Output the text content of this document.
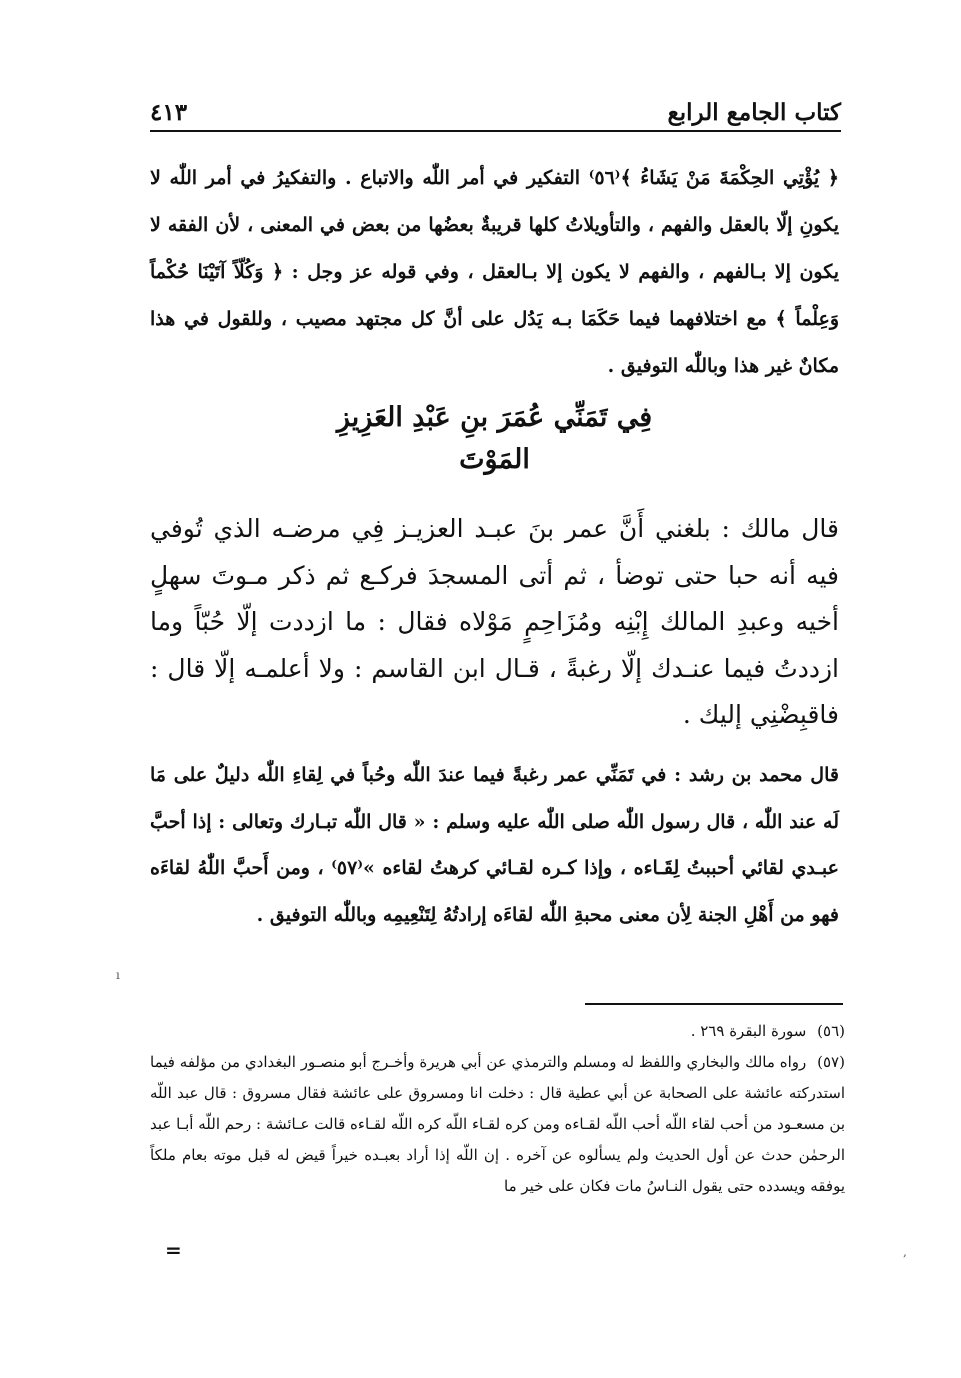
كتاب الجامع الرابع
٤١٣

﴿ يُؤْتِي الحِكْمَةَ مَنْ يَشَاءُ ﴾⁽٥٦⁾ التفكير في أمر اللّٰه والاتباع . والتفكيرُ في أمر اللّٰه لا يكونِ إلّا بالعقل والفهم ، والتأويلاتُ كلها قريبةٌ بعضُها من بعض في المعنى ، لأن الفقه لا يكون إلا بـالفهم ، والفهم لا يكون إلا بـالعقل ، وفي قوله عز وجل : ﴿ وَكُلّاً آتَيْنَا حُكْماً وَعِلْماً ﴾ مع اختلافهما فيما حَكَمَا بـه يَدُل على أنَّ كل مجتهد مصيب ، وللقول في هذا مكانٌ غير هذا وباللّٰه التوفيق .

فِي تَمَنِّي عُمَرَ بنِ عَبْدِ العَزِيزِ
المَوْتَ

قال مالك : بلغني أَنَّ عمر بنَ عبـد العزيـز فِي مرضـه الذي تُوفي فيه أنه حبا حتى توضأ ، ثم أتى المسجدَ فركـع ثم ذكر مـوتَ سهلٍ أخيه وعبدِ المالك إِبْنِه ومُزَاحِمٍ مَوْلاه فقال : ما ازددت إلّا حُبّاً وما ازددتُ فيما عنـدك إلّا رغبةً ، قـال ابن القاسم : ولا أعلمـه إلّا قال : فاقبِضْنِي إليك .

قال محمد بن رشد : في تَمَنِّي عمر رغبةً فيما عندَ اللّٰه وحُباً في لِقاءِ اللّٰه دليلٌ على مَا لَه عند اللّٰه ، قال رسول اللّٰه صلى اللّٰه عليه وسلم : « قال اللّٰه تبـارك وتعالى : إذا أحبَّ عبـدي لقائي أحببتُ لِقَـاءه ، وإذا كـره لقـائي كرهتُ لقاءه »⁽٥٧⁾ ، ومن أَحبَّ اللّٰهُ لقاءَه فهو من أَهْلِ الجنة لِأن معنى محبةِ اللّٰه لقاءَه إرادتُهُ لِتَنْعِيمِه وباللّٰه التوفيق .

(٥٦) سورة البقرة ٢٦٩ .

(٥٧) رواه مالك والبخاري واللفظ له ومسلم والترمذي عن أبي هريرة وأخـرج أبو منصـور البغدادي من مؤلفه فيما استدركته عائشة على الصحابة عن أبي عطية قال : دخلت انا ومسروق على عائشة فقال مسروق : قال عبد اللّه بن مسعـود من أحب لقاء اللّه أحب اللّه لقـاءه ومن كره لقـاء اللّه كره اللّه لقـاءه قالت عـائشة : رحم اللّه أبـا عبد الرحمٰن حدث عن أول الحديث ولم يسألوه عن آخره . إن اللّه إذا أراد بعبـده خيراً قيض له قبل موته بعام ملكاً يوفقه ويسدده حتى يقول النـاسُ مات فكان على خير ما

=
ı
,
